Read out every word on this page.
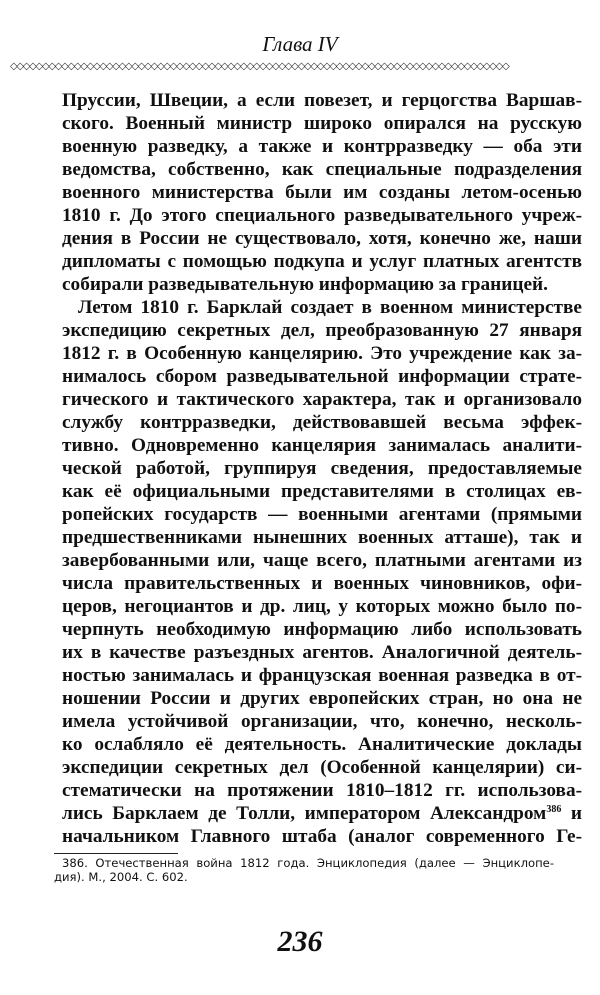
Глава IV
◇◇◇◇◇◇◇◇◇◇◇◇◇◇◇◇◇◇◇◇◇◇◇◇◇◇◇◇◇◇◇◇◇◇◇◇◇◇◇◇◇◇◇◇◇◇◇◇◇◇◇◇◇◇◇◇◇◇◇◇◇◇◇◇◇◇◇◇◇◇◇◇◇◇◇◇◇◇
Пруссии, Швеции, а если повезет, и герцогства Варшав-
ского. Военный министр широко опирался на русскую
военную разведку, а также и контрразведку — оба эти
ведомства, собственно, как специальные подразделения
военного министерства были им созданы летом-осенью
1810 г. До этого специального разведывательного учреж-
дения в России не существовало, хотя, конечно же, наши
дипломаты с помощью подкупа и услуг платных агентств
собирали разведывательную информацию за границей.
Летом 1810 г. Барклай создает в военном министерстве
экспедицию секретных дел, преобразованную 27 января
1812 г. в Особенную канцелярию. Это учреждение как за-
нималось сбором разведывательной информации страте-
гического и тактического характера, так и организовало
службу контрразведки, действовавшей весьма эффек-
тивно. Одновременно канцелярия занималась аналити-
ческой работой, группируя сведения, предоставляемые
как её официальными представителями в столицах ев-
ропейских государств — военными агентами (прямыми
предшественниками нынешних военных атташе), так и
завербованными или, чаще всего, платными агентами из
числа правительственных и военных чиновников, офи-
церов, негоциантов и др. лиц, у которых можно было по-
черпнуть необходимую информацию либо использовать
их в качестве разъездных агентов. Аналогичной деятель-
ностью занималась и французская военная разведка в от-
ношении России и других европейских стран, но она не
имела устойчивой организации, что, конечно, несколь-
ко ослабляло её деятельность. Аналитические доклады
экспедиции секретных дел (Особенной канцелярии) си-
стематически на протяжении 1810–1812 гг. использова-
лись Барклаем де Толли, императором Александром$^{386}$ и
начальником Главного штаба (аналог современного Ге-
386. Отечественная война 1812 года. Энциклопедия (далее — Энциклопе-
дия). М., 2004. С. 602.
236
